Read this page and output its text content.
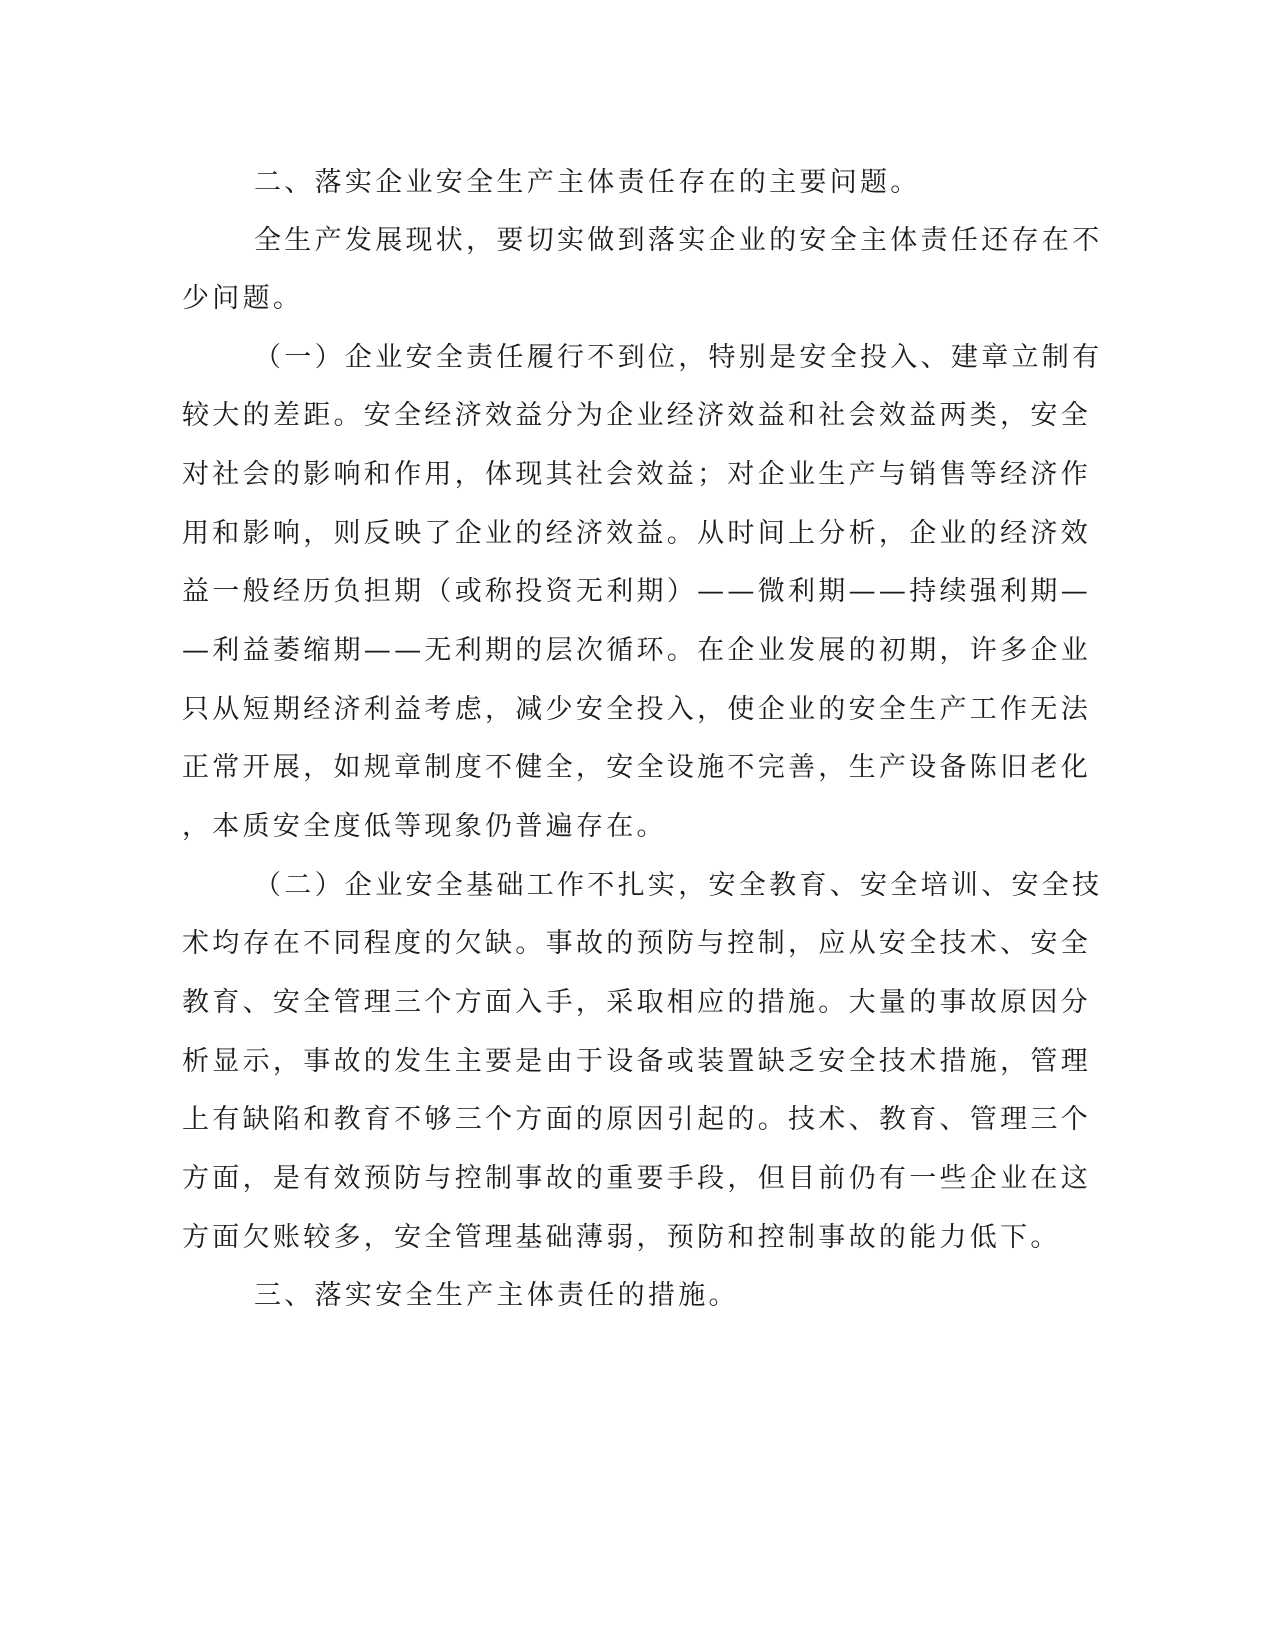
二、落实企业安全生产主体责任存在的主要问题。
全生产发展现状，要切实做到落实企业的安全主体责任还存在不
少问题。
（一）企业安全责任履行不到位，特别是安全投入、建章立制有
较大的差距。安全经济效益分为企业经济效益和社会效益两类，安全
对社会的影响和作用，体现其社会效益；对企业生产与销售等经济作
用和影响，则反映了企业的经济效益。从时间上分析，企业的经济效
益一般经历负担期（或称投资无利期）——微利期——持续强利期—
—利益萎缩期——无利期的层次循环。在企业发展的初期，许多企业
只从短期经济利益考虑，减少安全投入，使企业的安全生产工作无法
正常开展，如规章制度不健全，安全设施不完善，生产设备陈旧老化
，本质安全度低等现象仍普遍存在。
（二）企业安全基础工作不扎实，安全教育、安全培训、安全技
术均存在不同程度的欠缺。事故的预防与控制，应从安全技术、安全
教育、安全管理三个方面入手，采取相应的措施。大量的事故原因分
析显示，事故的发生主要是由于设备或装置缺乏安全技术措施，管理
上有缺陷和教育不够三个方面的原因引起的。技术、教育、管理三个
方面，是有效预防与控制事故的重要手段，但目前仍有一些企业在这
方面欠账较多，安全管理基础薄弱，预防和控制事故的能力低下。
三、落实安全生产主体责任的措施。
